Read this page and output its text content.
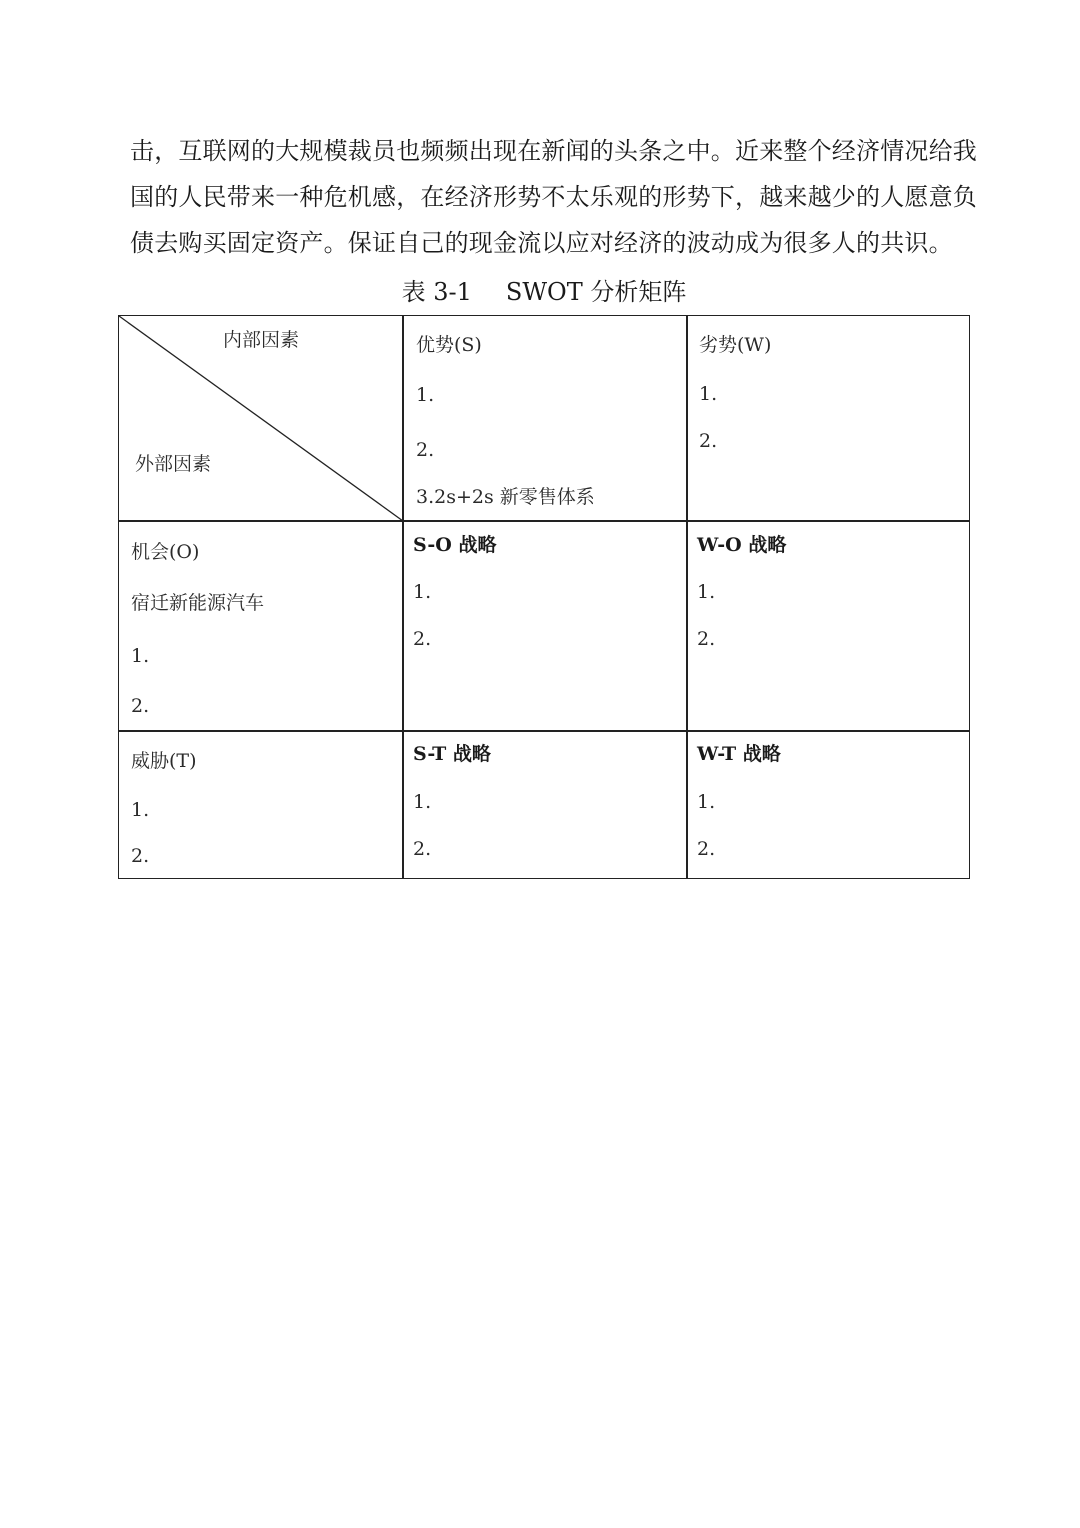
击，互联网的大规模裁员也频频出现在新闻的头条之中。近来整个经济情况给我
国的人民带来一种危机感，在经济形势不太乐观的形势下，越来越少的人愿意负
债去购买固定资产。保证自己的现金流以应对经济的波动成为很多人的共识。
表 3-1 SWOT 分析矩阵
内部因素
外部因素
优势(S)
1.
2.
3.2s+2s 新零售体系
劣势(W)
1.
2.
机会(O)
宿迁新能源汽车
1.
2.
S-O 战略
1.
2.
W-O 战略
1.
2.
威胁(T)
1.
2.
S-T 战略
1.
2.
W-T 战略
1.
2.
